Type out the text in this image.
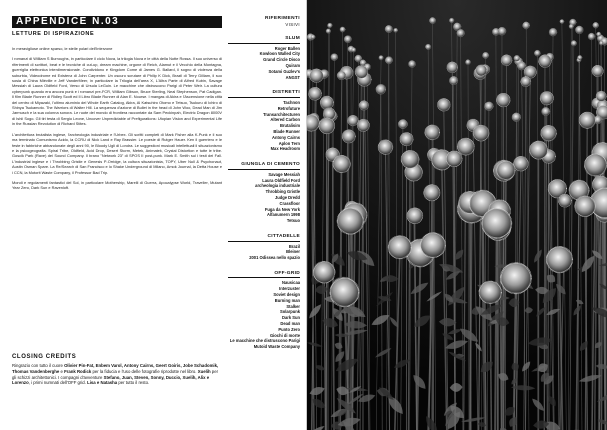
APPENDICE N.03
LETTURE DI ISPIRAZIONE

In meravigliose online sparso, le stelle polari dell'Interzone

I romanzi di William S Burroughs, in particolare il ciclo Nova, la trilogia Nova e le città della Notte Rossa. Il suo universo di riferimenti di scrittori, beat e le tecniche di cut-up, dream machine, orgone di Reich, Alamut e il Vecchio della Montagna, guerriglia elettronica interdimensionale. Condividono e Kingdom Come di James G. Ballard, il sogno di violenza della suburbia, Videodrome ed Existenz di John Carpenter. Un oscuro scrutare di Philip K Dick, Brazil di Terry Gilliam, il suo sosia di China Miéville e Jeff VanderMeer, in particolare la Trilogia dell'area X, L'Altra Parte di Alfred Kubin, Savage Messiah di Laura Oldfield Ford, Verso di Ursula LeGuin. Le macchine che distruscono Parigi di Peter Weir. La cultura cyberpunk quando era ancora punk e i romanzi pre-FCR, William Gibson, Bruce Sterling, Neal Stephenson, Pat Cadigan. Il film Blade Runner di Ridley Scott ed Il Libro Blade Runner di Alan E. Nourse. I mangas di Akira e l'Ascensione nella città del centro di Miyazaki, l'ultimo aluminio del Whole Earth Catalog, Akira, Al Katsuhiro Otomo e Tetsuo, Tsukuru di Ichiro di Shinya Tsukamoto. The Warriors di Walter Hill. La sequenza d'azione di Bullet in the head di John Woo, Dead Man di Jim Jarmusch e la sua colonna sonora. Le ruote del mondo di frontiera raccontate da Sam Peckinpah, Electric Dragon 8000V di Ishii Sogo. Gli tiri testa di Sergio Leone, Uncover Unpredictable of Prefigurations: Utopian Vision and Experimental Life in the Russian Revolution di Richard Stites.

L'architettura brutalista inglese, l'archeologia industriale e l'Urbex. Gli scritti completi di Mark Fisher alla K-Punk e il suo ma terminato Comunismo Acido, la CCRU di Nick Land e Ray Brassier. Le poesie di Rutger Hauer. Ken il guerriero e le feste in fabbriche abbandonate degli anni 90, le Bloody Ugli di Londra. Le suggestioni musicali intellettuali il situazionismo e la psicogeografia. Spiral Tribe, Oldfield, Acid Drop, Desert Storm, Metek, Animatek, Crystal Distortion e tutte le tribe. Goscik Park (Rave) dei Sound Company. Il brano "Network 23" di SPOS II post-punk. Mark E. Smith sul i testi dei Fall. L'industrial inglese e i Throbbing Gristle e Genesis P-Orridge, la cultura situazionista, TOPY, Uber Null & Psychonaut, Austin Osman Spare. La Re/Search di San Francisco e lo Shake Underground di Milano, Amok Journal, la Detta House e i CCN, la Motorit Waste Company, il Professor Bad Trip.

Mondi e regolamenti fantastici del Sol, in particolare Mothership, Marelli di Guerra, Apocalypse World, Traveller, Mutant Year Zero, Dark Sun e Ravenloft.

CLOSING CREDITS
Ringrazio con tutto il cuore Olivier Pin-Fat, Enbem Varol, Antony Cairns, Geert Goiris, Jobe Schadomik, Thomas Vandenberghe e Frank Rodick per la fiducia e l'uso delle fotografie riprodotte nel libro. Xuelih per gli schizzi architettonici. I compagni d'avventure Stefano, Juan, Steven, Sonny, Duccio, Xuelih, Alix e Lorenzo, i primi numnati dell'OFF grid. Lisa e Natasha per tutto il resto.
RIFERIMENTI
VISIVI
SLUM
Roger Ballen
Kowloon Walled City
Grand Circle Disco
Quiram
Sotami Guzlev's
ANGST
DISTRETTI
Tachnon
Retrofuture
Transarchitecturen
Altered Carbon
Brutalisim
Blade Runner
Antony Cairns
Aplon Tern
Max Headroom
GIUNGLA DI CEMENTO
Savage Messiah
Laura Oldfield Ford
archeologia industriale
Throbbing Gristle
Judge Dredd
Crassfloor
Fuga da New York
Alfanumern 1998
Tetsuo
CITTADELLE
Brazil
Bleiner
2001 Odissea nello spazio
OFF-GRID
Nausicaa
Interzuster
Soviet design
Burning man
Stalker
Solarpunk
Dark Sun
Dead man
Punto Zero
Giochi di morte
Le macchine che distruscono Parigi
Mutoid Waste Company
